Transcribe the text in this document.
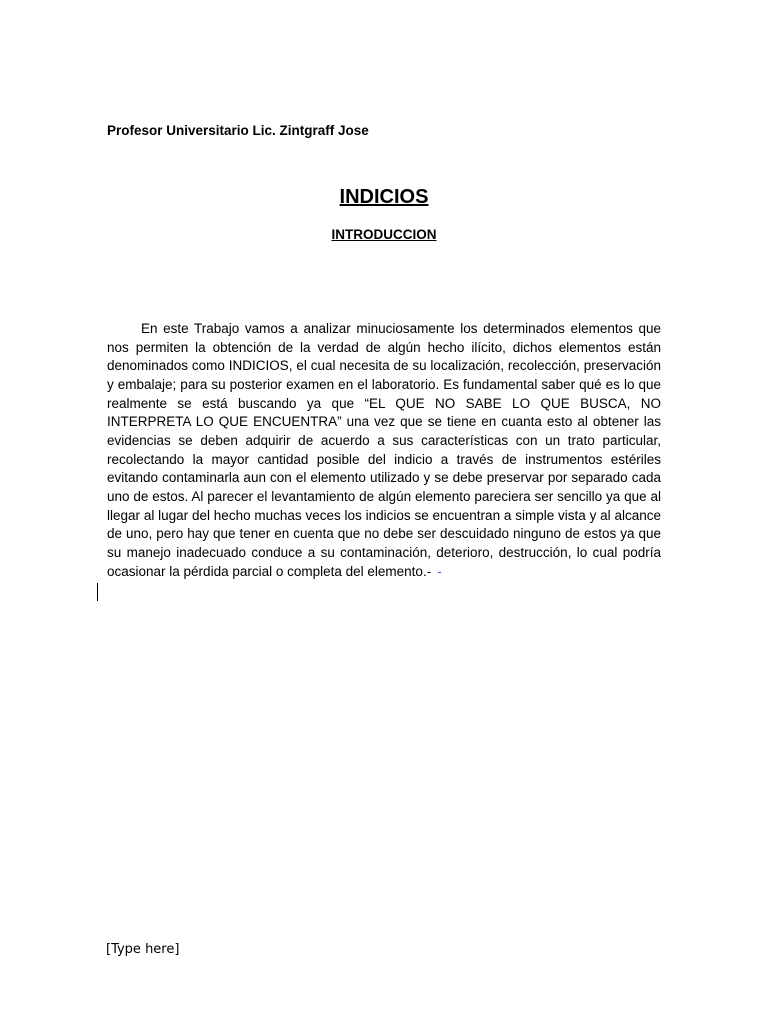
Profesor Universitario Lic. Zintgraff Jose

INDICIOS
INTRODUCCION

En este Trabajo vamos a analizar minuciosamente los determinados elementos que nos permiten la obtención de la verdad de algún hecho ilícito, dichos elementos están denominados como INDICIOS, el cual necesita de su localización, recolección, preservación y embalaje; para su posterior examen en el laboratorio. Es fundamental saber qué es lo que realmente se está buscando ya que “EL QUE NO SABE LO QUE BUSCA, NO INTERPRETA LO QUE ENCUENTRA” una vez que se tiene en cuanta esto al obtener las evidencias se deben adquirir de acuerdo a sus características con un trato particular, recolectando la mayor cantidad posible del indicio a través de instrumentos estériles evitando contaminarla aun con el elemento utilizado y se debe preservar por separado cada uno de estos. Al parecer el levantamiento de algún elemento pareciera ser sencillo ya que al llegar al lugar del hecho muchas veces los indicios se encuentran a simple vista y al alcance de uno, pero hay que tener en cuenta que no debe ser descuidado ninguno de estos ya que su manejo inadecuado conduce a su contaminación, deterioro, destrucción, lo cual podría ocasionar la pérdida parcial o completa del elemento.- -

[Type here]
